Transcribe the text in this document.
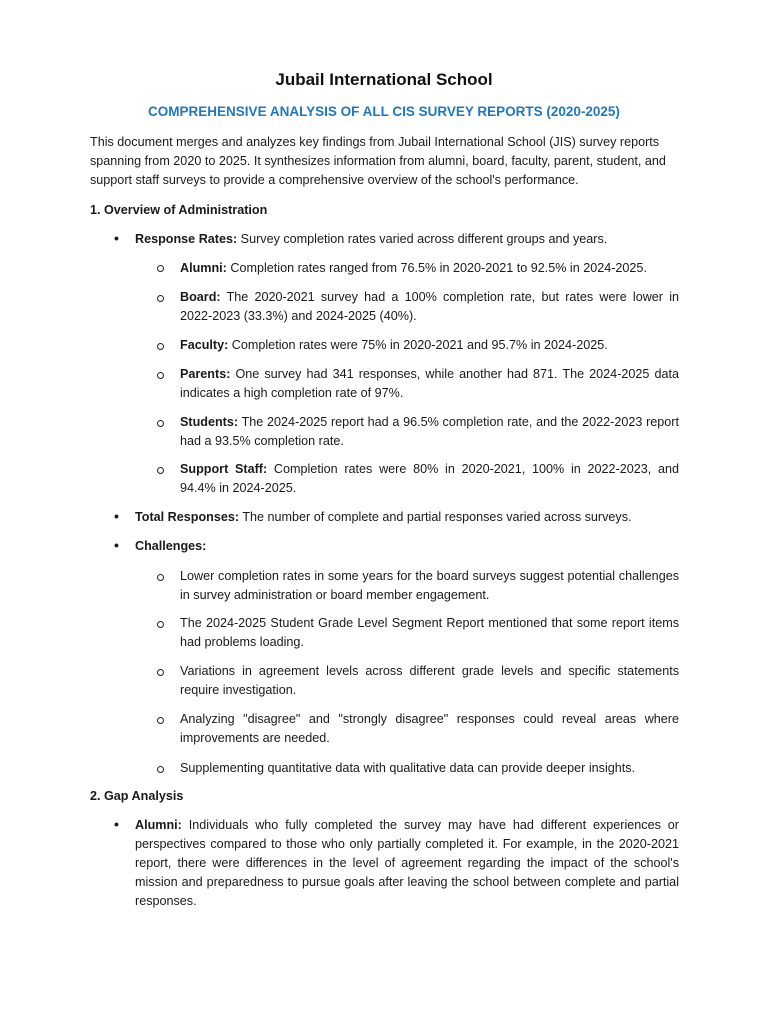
Jubail International School
COMPREHENSIVE ANALYSIS OF ALL CIS SURVEY REPORTS (2020-2025)

This document merges and analyzes key findings from Jubail International School (JIS) survey reports spanning from 2020 to 2025. It synthesizes information from alumni, board, faculty, parent, student, and support staff surveys to provide a comprehensive overview of the school's performance.

1. Overview of Administration
• Response Rates: Survey completion rates varied across different groups and years.

Alumni: Completion rates ranged from 76.5% in 2020-2021 to 92.5% in 2024-2025.

Board: The 2020-2021 survey had a 100% completion rate, but rates were lower in 2022-2023 (33.3%) and 2024-2025 (40%).

Faculty: Completion rates were 75% in 2020-2021 and 95.7% in 2024-2025.

Parents: One survey had 341 responses, while another had 871. The 2024-2025 data indicates a high completion rate of 97%.

Students: The 2024-2025 report had a 96.5% completion rate, and the 2022-2023 report had a 93.5% completion rate.

Support Staff: Completion rates were 80% in 2020-2021, 100% in 2022-2023, and 94.4% in 2024-2025.

• Total Responses: The number of complete and partial responses varied across surveys.

• Challenges:

Lower completion rates in some years for the board surveys suggest potential challenges in survey administration or board member engagement.

The 2024-2025 Student Grade Level Segment Report mentioned that some report items had problems loading.

Variations in agreement levels across different grade levels and specific statements require investigation.

Analyzing "disagree" and "strongly disagree" responses could reveal areas where improvements are needed.

Supplementing quantitative data with qualitative data can provide deeper insights.

2. Gap Analysis
• Alumni: Individuals who fully completed the survey may have had different experiences or perspectives compared to those who only partially completed it. For example, in the 2020-2021 report, there were differences in the level of agreement regarding the impact of the school's mission and preparedness to pursue goals after leaving the school between complete and partial responses.
